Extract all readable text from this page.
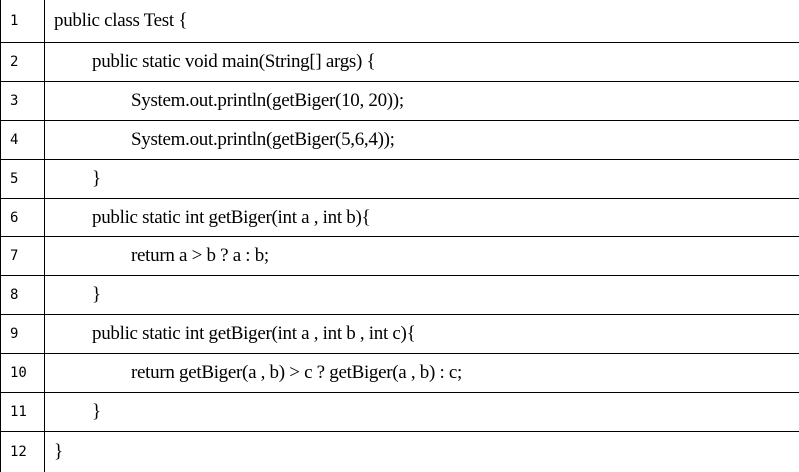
1	public class Test {
2	public static void main(String[] args) {
3	System.out.println(getBiger(10, 20));
4	System.out.println(getBiger(5,6,4));
5	}
6	public static int getBiger(int a , int b){
7	return a > b ? a : b;
8	}
9	public static int getBiger(int a , int b , int c){
10	return getBiger(a , b) > c ? getBiger(a , b) : c;
11	}
12	}
